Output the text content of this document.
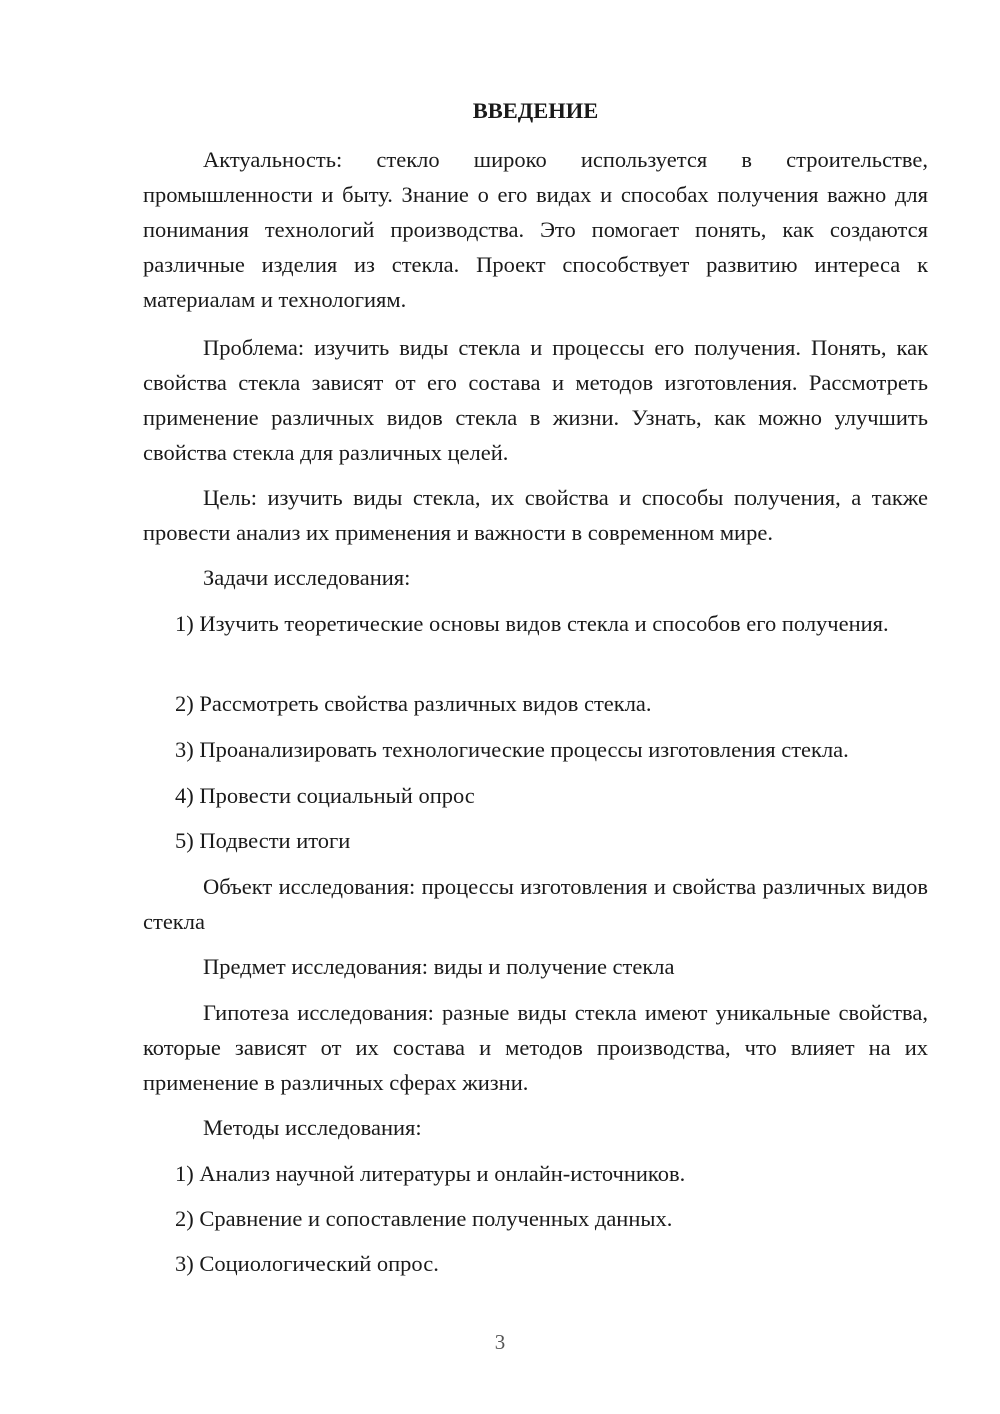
ВВЕДЕНИЕ

Актуальность: стекло широко используется в строительстве, промышленности и быту. Знание о его видах и способах получения важно для понимания технологий производства. Это помогает понять, как создаются различные изделия из стекла. Проект способствует развитию интереса к материалам и технологиям.

Проблема: изучить виды стекла и процессы его получения. Понять, как свойства стекла зависят от его состава и методов изготовления. Рассмотреть применение различных видов стекла в жизни. Узнать, как можно улучшить свойства стекла для различных целей.

Цель: изучить виды стекла, их свойства и способы получения, а также провести анализ их применения и важности в современном мире.

Задачи исследования:

1) Изучить теоретические основы видов стекла и способов его получения.

2) Рассмотреть свойства различных видов стекла.

3) Проанализировать технологические процессы изготовления стекла.

4) Провести социальный опрос

5) Подвести итоги

Объект исследования: процессы изготовления и свойства различных видов стекла

Предмет исследования: виды и получение стекла

Гипотеза исследования: разные виды стекла имеют уникальные свойства, которые зависят от их состава и методов производства, что влияет на их применение в различных сферах жизни.

Методы исследования:

1) Анализ научной литературы и онлайн-источников.

2) Сравнение и сопоставление полученных данных.

3) Социологический опрос.

3
